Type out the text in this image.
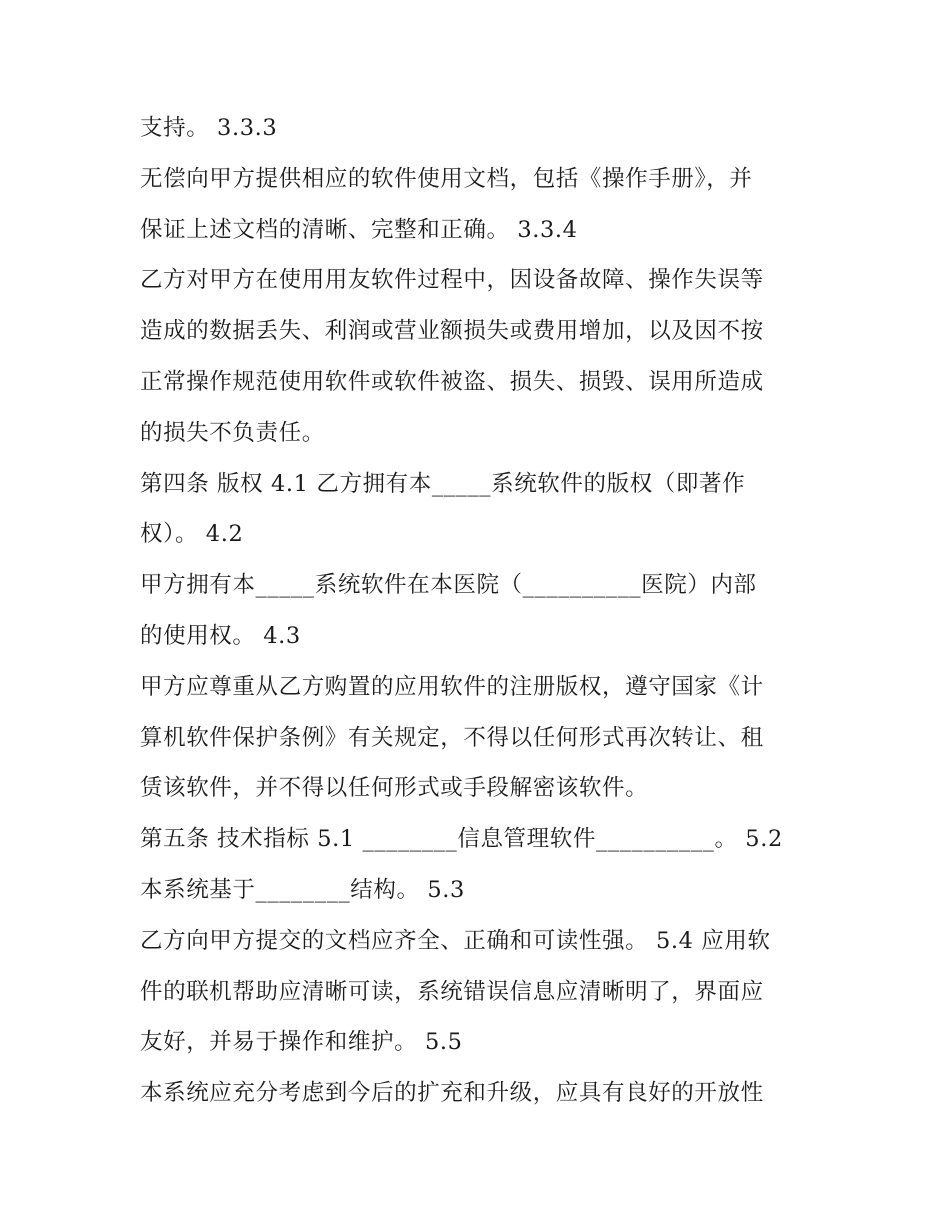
支持。 3.3.3
无偿向甲方提供相应的软件使用文档，包括《操作手册》，并
保证上述文档的清晰、完整和正确。 3.3.4
乙方对甲方在使用用友软件过程中，因设备故障、操作失误等
造成的数据丢失、利润或营业额损失或费用增加，以及因不按
正常操作规范使用软件或软件被盗、损失、损毁、误用所造成
的损失不负责任。
第四条 版权 4.1 乙方拥有本_____系统软件的版权（即著作
权）。 4.2
甲方拥有本_____系统软件在本医院（__________医院）内部
的使用权。 4.3
甲方应尊重从乙方购置的应用软件的注册版权，遵守国家《计
算机软件保护条例》有关规定，不得以任何形式再次转让、租
赁该软件，并不得以任何形式或手段解密该软件。
第五条 技术指标 5.1 ________信息管理软件__________。 5.2
本系统基于________结构。 5.3
乙方向甲方提交的文档应齐全、正确和可读性强。 5.4 应用软
件的联机帮助应清晰可读，系统错误信息应清晰明了，界面应
友好，并易于操作和维护。 5.5
本系统应充分考虑到今后的扩充和升级，应具有良好的开放性
